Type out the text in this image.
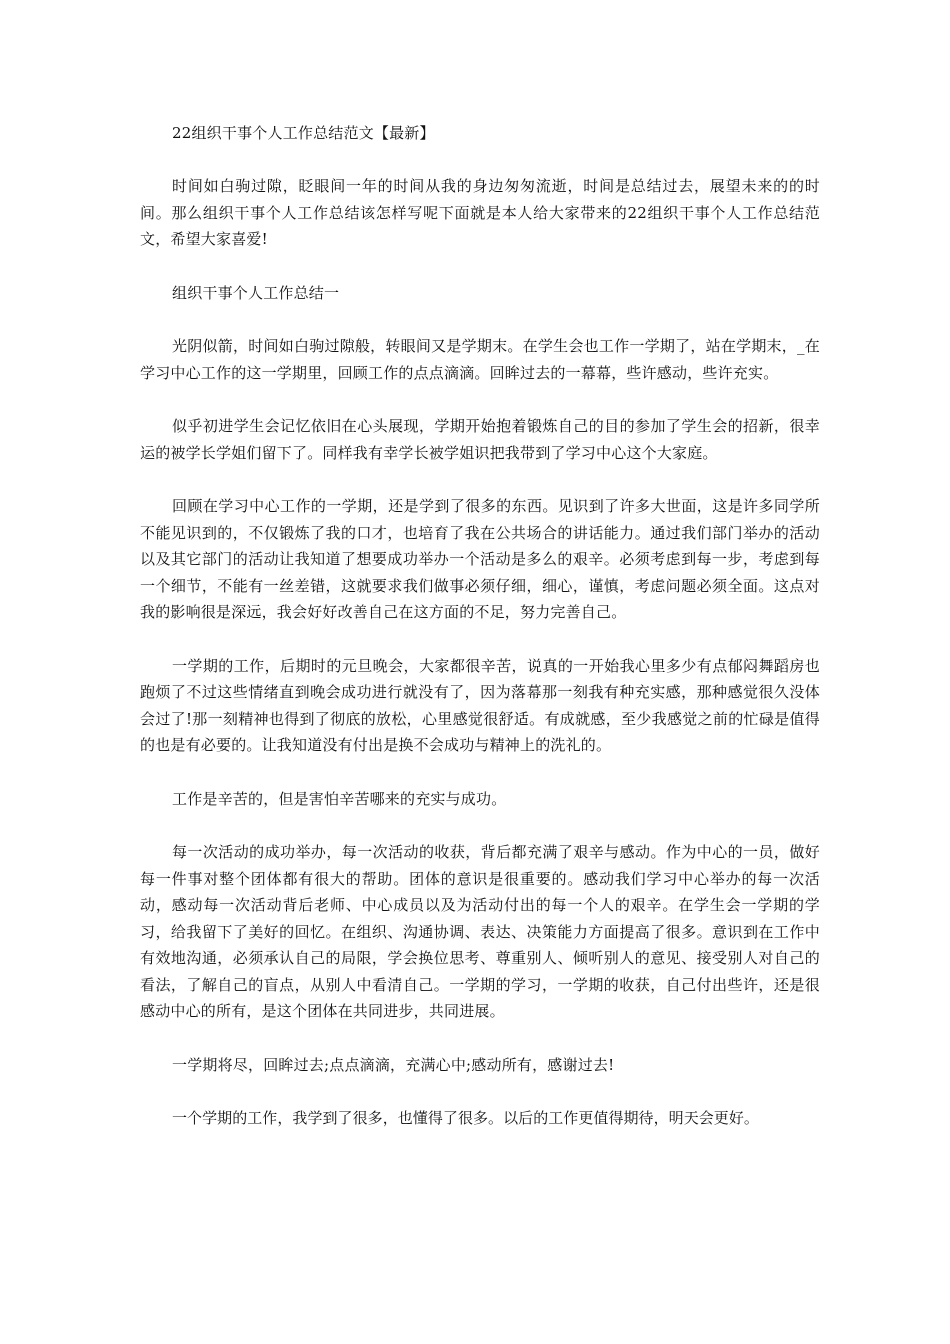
22组织干事个人工作总结范文【最新】

时间如白驹过隙，眨眼间一年的时间从我的身边匆匆流逝，时间是总结过去，展望未来的的时间。那么组织干事个人工作总结该怎样写呢下面就是本人给大家带来的22组织干事个人工作总结范文，希望大家喜爱!

组织干事个人工作总结一

光阴似箭，时间如白驹过隙般，转眼间又是学期末。在学生会也工作一学期了，站在学期末，_在学习中心工作的这一学期里，回顾工作的点点滴滴。回眸过去的一幕幕，些许感动，些许充实。

似乎初进学生会记忆依旧在心头展现，学期开始抱着锻炼自己的目的参加了学生会的招新，很幸运的被学长学姐们留下了。同样我有幸学长被学姐识把我带到了学习中心这个大家庭。

回顾在学习中心工作的一学期，还是学到了很多的东西。见识到了许多大世面，这是许多同学所不能见识到的，不仅锻炼了我的口才，也培育了我在公共场合的讲话能力。通过我们部门举办的活动以及其它部门的活动让我知道了想要成功举办一个活动是多么的艰辛。必须考虑到每一步，考虑到每一个细节，不能有一丝差错，这就要求我们做事必须仔细，细心，谨慎，考虑问题必须全面。这点对我的影响很是深远，我会好好改善自己在这方面的不足，努力完善自己。

一学期的工作，后期时的元旦晚会，大家都很辛苦，说真的一开始我心里多少有点郁闷舞蹈房也跑烦了不过这些情绪直到晚会成功进行就没有了，因为落幕那一刻我有种充实感，那种感觉很久没体会过了!那一刻精神也得到了彻底的放松，心里感觉很舒适。有成就感，至少我感觉之前的忙碌是值得的也是有必要的。让我知道没有付出是换不会成功与精神上的洗礼的。

工作是辛苦的，但是害怕辛苦哪来的充实与成功。

每一次活动的成功举办，每一次活动的收获，背后都充满了艰辛与感动。作为中心的一员，做好每一件事对整个团体都有很大的帮助。团体的意识是很重要的。感动我们学习中心举办的每一次活动，感动每一次活动背后老师、中心成员以及为活动付出的每一个人的艰辛。在学生会一学期的学习，给我留下了美好的回忆。在组织、沟通协调、表达、决策能力方面提高了很多。意识到在工作中有效地沟通，必须承认自己的局限，学会换位思考、尊重别人、倾听别人的意见、接受别人对自己的看法，了解自己的盲点，从别人中看清自己。一学期的学习，一学期的收获，自己付出些许，还是很感动中心的所有，是这个团体在共同进步，共同进展。

一学期将尽，回眸过去;点点滴滴，充满心中;感动所有，感谢过去!

一个学期的工作，我学到了很多，也懂得了很多。以后的工作更值得期待，明天会更好。
